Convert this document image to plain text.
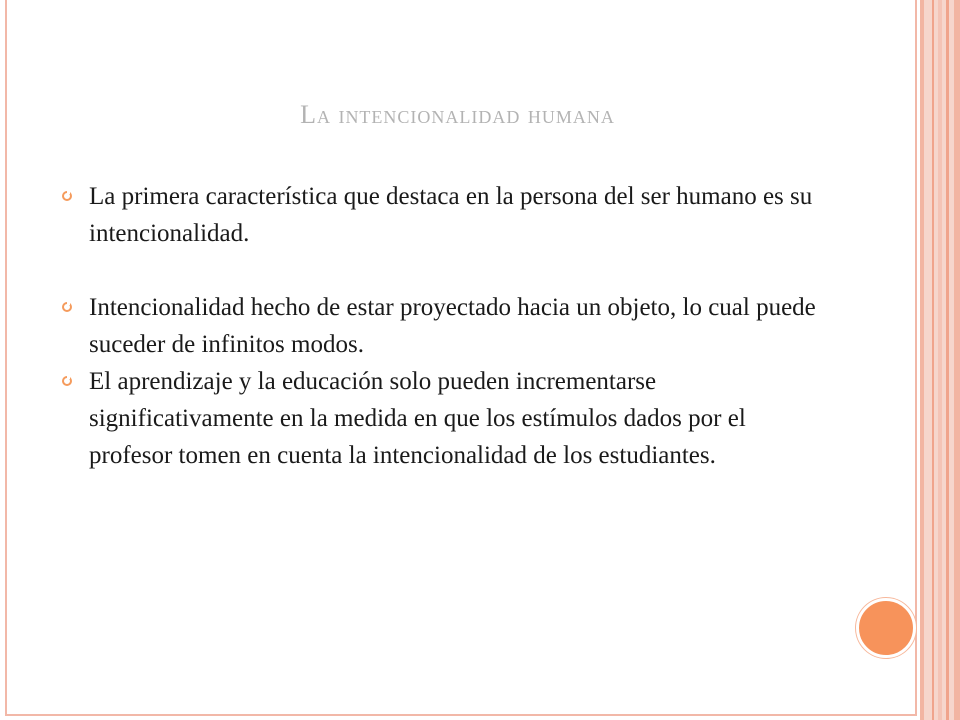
La intencionalidad humana
La primera característica que destaca en la persona del ser humano es su intencionalidad.
Intencionalidad hecho de estar proyectado hacia un objeto, lo cual puede suceder de infinitos modos.
El aprendizaje y la educación solo pueden incrementarse  significativamente en la medida en que los estímulos dados por el profesor tomen en cuenta la intencionalidad de los estudiantes.
